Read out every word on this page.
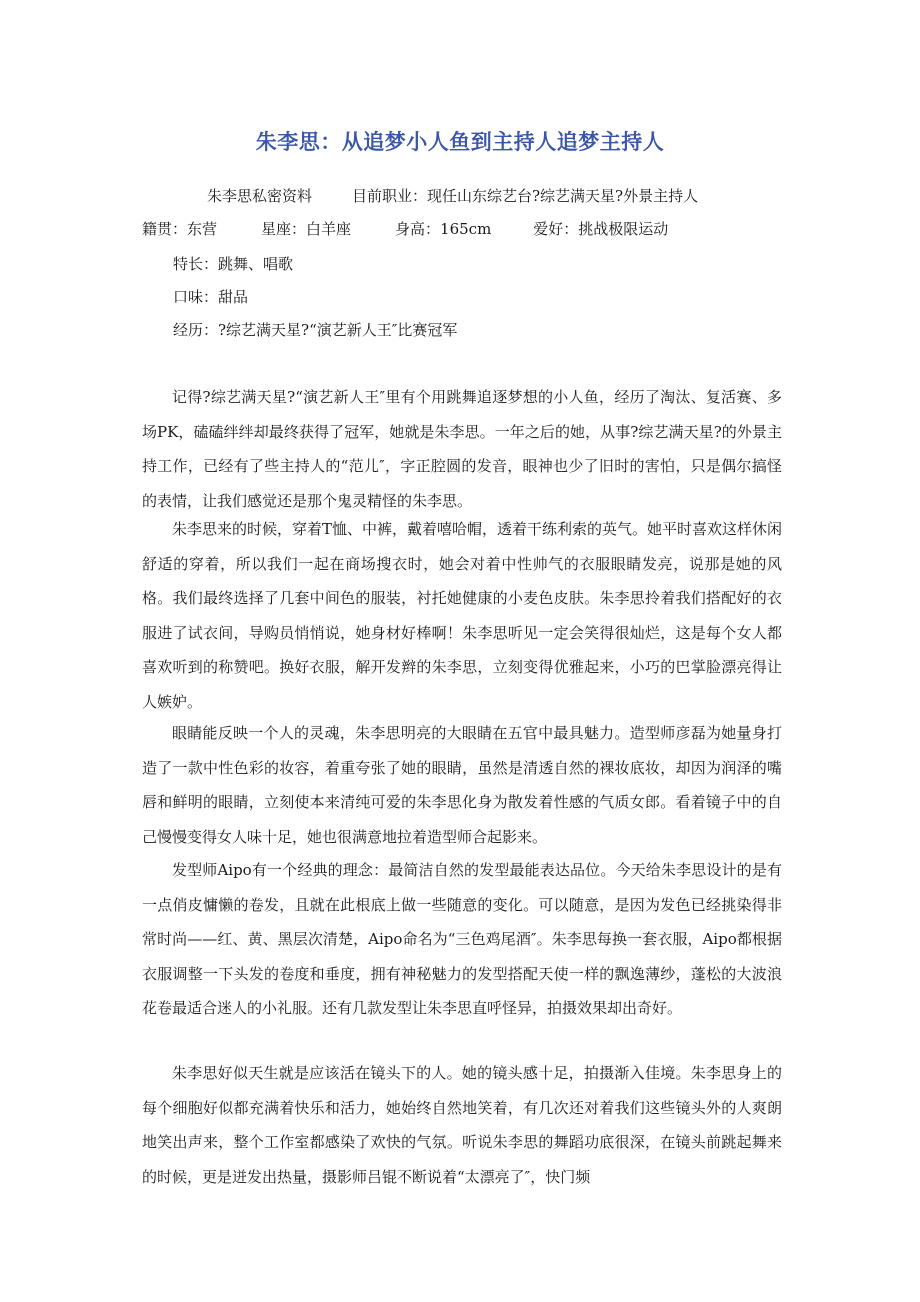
朱李思：从追梦小人鱼到主持人追梦主持人
朱李思私密资料	目前职业：现任山东综艺台?综艺满天星?外景主持人
籍贯：东营	星座：白羊座	身高：165cm	爱好：挑战极限运动
特长：跳舞、唱歌
口味：甜品
经历：?综艺满天星?“演艺新人王″比赛冠军

记得?综艺满天星?“演艺新人王″里有个用跳舞追逐梦想的小人鱼，经历了淘汰、复活赛、多场PK，磕磕绊绊却最终获得了冠军，她就是朱李思。一年之后的她，从事?综艺满天星?的外景主持工作，已经有了些主持人的“范儿″，字正腔圆的发音，眼神也少了旧时的害怕，只是偶尔搞怪的表情，让我们感觉还是那个鬼灵精怪的朱李思。

朱李思来的时候，穿着T恤、中裤，戴着嘻哈帽，透着干练利索的英气。她平时喜欢这样休闲舒适的穿着，所以我们一起在商场搜衣时，她会对着中性帅气的衣服眼睛发亮，说那是她的风格。我们最终选择了几套中间色的服装，衬托她健康的小麦色皮肤。朱李思拎着我们搭配好的衣服进了试衣间，导购员悄悄说，她身材好棒啊！朱李思听见一定会笑得很灿烂，这是每个女人都喜欢听到的称赞吧。换好衣服，解开发辫的朱李思，立刻变得优雅起来，小巧的巴掌脸漂亮得让人嫉妒。

眼睛能反映一个人的灵魂，朱李思明亮的大眼睛在五官中最具魅力。造型师彦磊为她量身打造了一款中性色彩的妆容，着重夸张了她的眼睛，虽然是清透自然的裸妆底妆，却因为润泽的嘴唇和鲜明的眼睛，立刻使本来清纯可爱的朱李思化身为散发着性感的气质女郎。看着镜子中的自己慢慢变得女人味十足，她也很满意地拉着造型师合起影来。

发型师Aipo有一个经典的理念：最简洁自然的发型最能表达品位。今天给朱李思设计的是有一点俏皮慵懒的卷发，且就在此根底上做一些随意的变化。可以随意，是因为发色已经挑染得非常时尚——红、黄、黑层次清楚，Aipo命名为“三色鸡尾酒″。朱李思每换一套衣服，Aipo都根据衣服调整一下头发的卷度和垂度，拥有神秘魅力的发型搭配天使一样的飘逸薄纱，蓬松的大波浪花卷最适合迷人的小礼服。还有几款发型让朱李思直呼怪异，拍摄效果却出奇好。

朱李思好似天生就是应该活在镜头下的人。她的镜头感十足，拍摄渐入佳境。朱李思身上的每个细胞好似都充满着快乐和活力，她始终自然地笑着，有几次还对着我们这些镜头外的人爽朗地笑出声来，整个工作室都感染了欢快的气氛。听说朱李思的舞蹈功底很深，在镜头前跳起舞来的时候，更是迸发出热量，摄影师吕锟不断说着“太漂亮了″，快门频
